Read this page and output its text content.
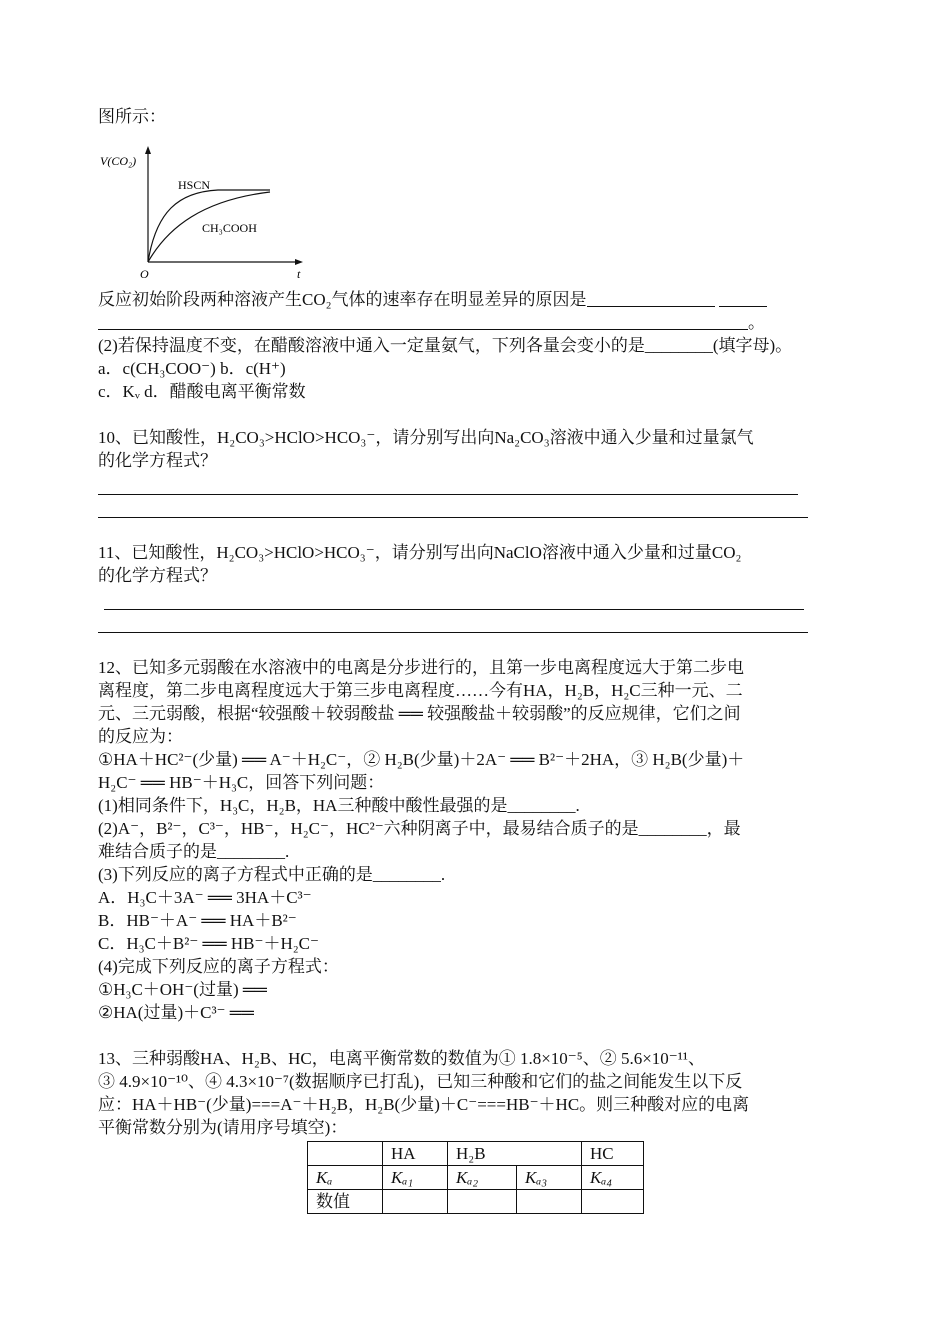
图所示：

V(CO₂)
t
O
HSCN
CH₃COOH

反应初始阶段两种溶液产生CO₂气体的速率存在明显差异的原因是

。

(2)若保持温度不变，在醋酸溶液中通入一定量氨气，下列各量会变小的是________(填字母)。

a．c(CH₃COO⁻) b．c(H⁺)

c．Kᵥ d．醋酸电离平衡常数

10、已知酸性，H₂CO₃>HClO>HCO₃⁻，请分别写出向Na₂CO₃溶液中通入少量和过量氯气

的化学方程式？

11、已知酸性，H₂CO₃>HClO>HCO₃⁻，请分别写出向NaClO溶液中通入少量和过量CO₂

的化学方程式？

12、已知多元弱酸在水溶液中的电离是分步进行的，且第一步电离程度远大于第二步电

离程度，第二步电离程度远大于第三步电离程度……今有HA，H₂B，H₂C三种一元、二

元、三元弱酸，根据“较强酸＋较弱酸盐 ══ 较强酸盐＋较弱酸”的反应规律，它们之间

的反应为：

①HA＋HC²⁻(少量) ══ A⁻＋H₂C⁻，② H₂B(少量)＋2A⁻ ══ B²⁻＋2HA，③ H₂B(少量)＋

H₂C⁻ ══ HB⁻＋H₃C，回答下列问题：

(1)相同条件下，H₃C，H₂B，HA三种酸中酸性最强的是________.

(2)A⁻，B²⁻，C³⁻，HB⁻，H₂C⁻，HC²⁻六种阴离子中，最易结合质子的是________，最

难结合质子的是________.

(3)下列反应的离子方程式中正确的是________.

A．H₃C＋3A⁻ ══ 3HA＋C³⁻

B．HB⁻＋A⁻ ══ HA＋B²⁻

C．H₃C＋B²⁻ ══ HB⁻＋H₂C⁻

(4)完成下列反应的离子方程式：

①H₃C＋OH⁻(过量) ══

②HA(过量)＋C³⁻ ══

13、三种弱酸HA、H₂B、HC，电离平衡常数的数值为① 1.8×10⁻⁵、② 5.6×10⁻¹¹、

③ 4.9×10⁻¹⁰、④ 4.3×10⁻⁷(数据顺序已打乱)，已知三种酸和它们的盐之间能发生以下反

应：HA＋HB⁻(少量)===A⁻＋H₂B，H₂B(少量)＋C⁻===HB⁻＋HC。则三种酸对应的电离

平衡常数分别为(请用序号填空)：

	HA	H₂B		HC
Kₐ	Kₐ₁	Kₐ₂	Kₐ₃	Kₐ₄
数值				
